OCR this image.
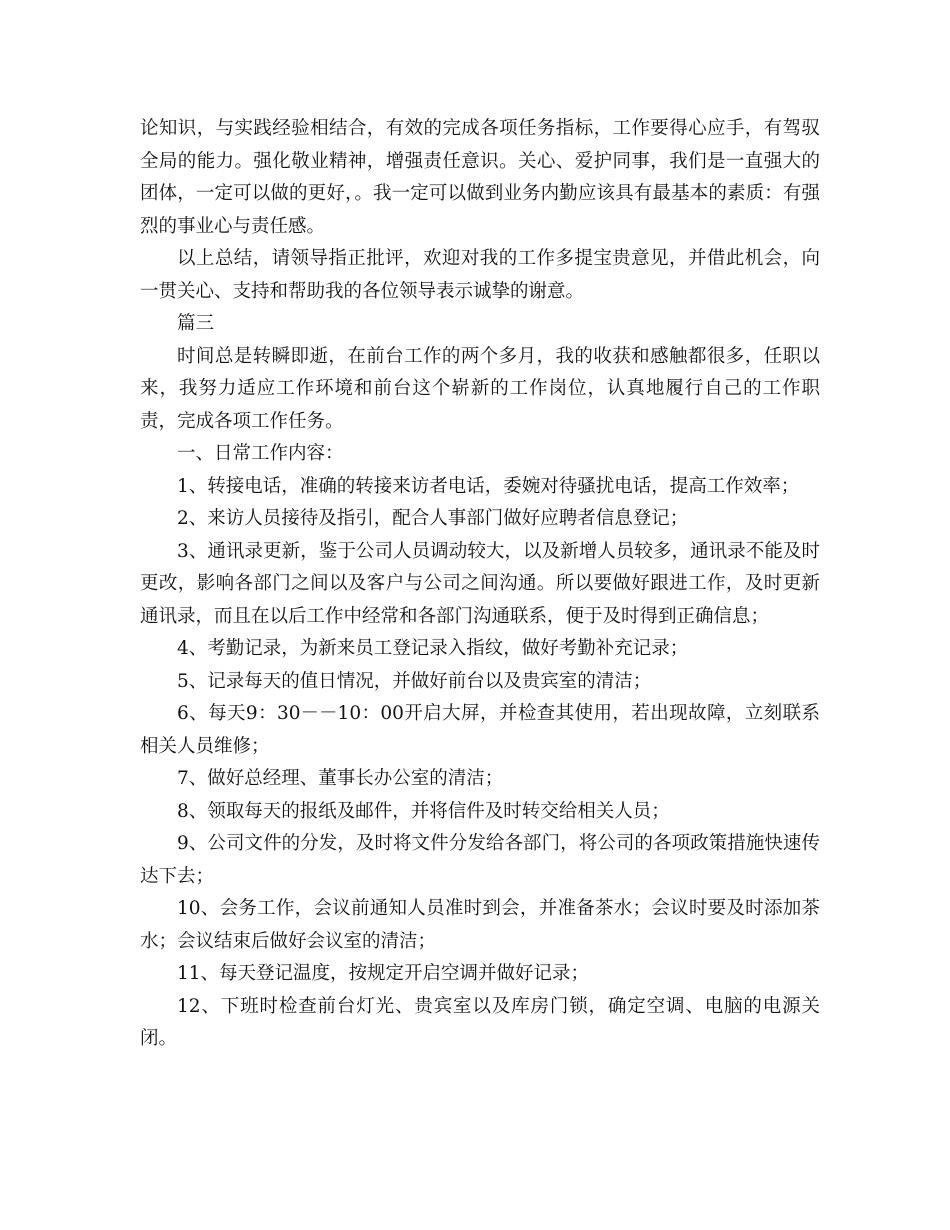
论知识，与实践经验相结合，有效的完成各项任务指标，工作要得心应手，有驾驭全局的能力。强化敬业精神，增强责任意识。关心、爱护同事，我们是一直强大的团体，一定可以做的更好，。我一定可以做到业务内勤应该具有最基本的素质：有强烈的事业心与责任感。

以上总结，请领导指正批评，欢迎对我的工作多提宝贵意见，并借此机会，向一贯关心、支持和帮助我的各位领导表示诚挚的谢意。

篇三

时间总是转瞬即逝，在前台工作的两个多月，我的收获和感触都很多，任职以来，我努力适应工作环境和前台这个崭新的工作岗位，认真地履行自己的工作职责，完成各项工作任务。

一、日常工作内容：

1、转接电话，准确的转接来访者电话，委婉对待骚扰电话，提高工作效率；

2、来访人员接待及指引，配合人事部门做好应聘者信息登记；

3、通讯录更新，鉴于公司人员调动较大，以及新增人员较多，通讯录不能及时更改，影响各部门之间以及客户与公司之间沟通。所以要做好跟进工作，及时更新通讯录，而且在以后工作中经常和各部门沟通联系，便于及时得到正确信息；

4、考勤记录，为新来员工登记录入指纹，做好考勤补充记录；

5、记录每天的值日情况，并做好前台以及贵宾室的清洁；

6、每天9：30－－10：00开启大屏，并检查其使用，若出现故障，立刻联系相关人员维修；

7、做好总经理、董事长办公室的清洁；

8、领取每天的报纸及邮件，并将信件及时转交给相关人员；

9、公司文件的分发，及时将文件分发给各部门，将公司的各项政策措施快速传达下去；

10、会务工作，会议前通知人员准时到会，并准备茶水；会议时要及时添加茶水；会议结束后做好会议室的清洁；

11、每天登记温度，按规定开启空调并做好记录；

12、下班时检查前台灯光、贵宾室以及库房门锁，确定空调、电脑的电源关闭。
